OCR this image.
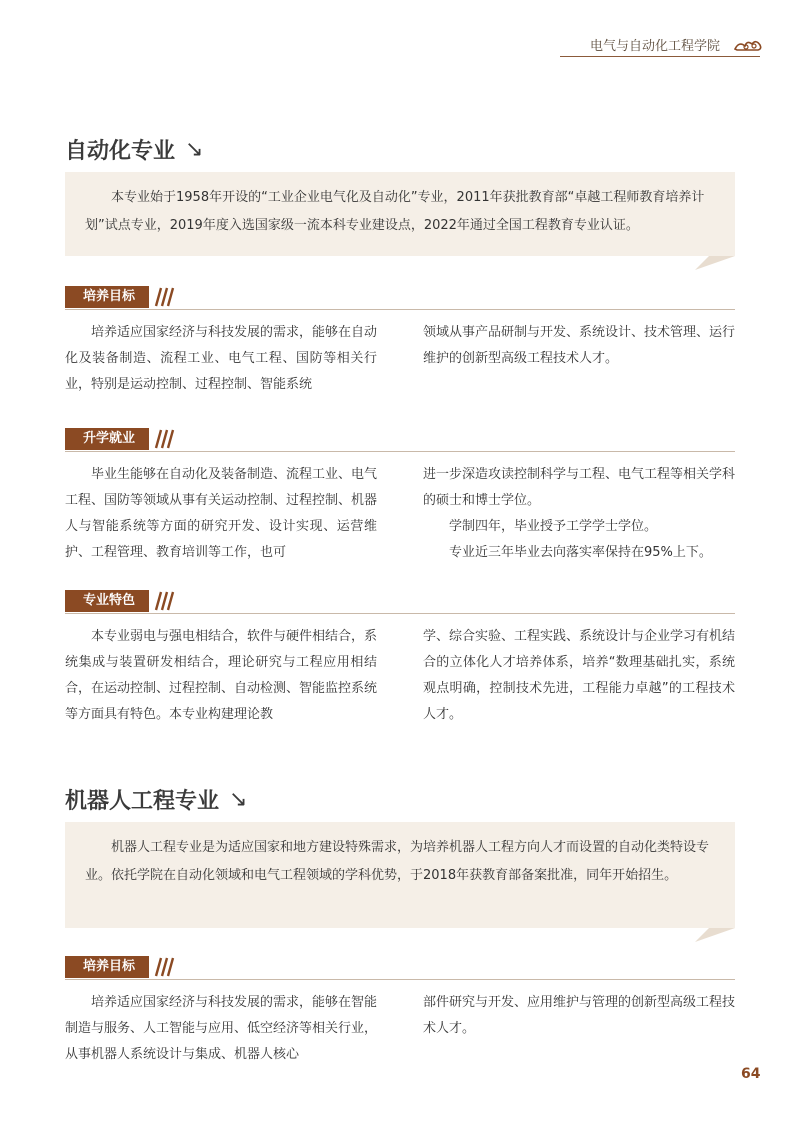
电气与自动化工程学院
自动化专业 ↘

本专业始于1958年开设的“工业企业电气化及自动化”专业，2011年获批教育部“卓越工程师教育培养计划”试点专业，2019年度入选国家级一流本科专业建设点，2022年通过全国工程教育专业认证。

培养目标

培养适应国家经济与科技发展的需求，能够在自动化及装备制造、流程工业、电气工程、国防等相关行业，特别是运动控制、过程控制、智能系统

领域从事产品研制与开发、系统设计、技术管理、运行维护的创新型高级工程技术人才。

升学就业

毕业生能够在自动化及装备制造、流程工业、电气工程、国防等领域从事有关运动控制、过程控制、机器人与智能系统等方面的研究开发、设计实现、运营维护、工程管理、教育培训等工作，也可

进一步深造攻读控制科学与工程、电气工程等相关学科的硕士和博士学位。

学制四年，毕业授予工学学士学位。

专业近三年毕业去向落实率保持在95%上下。

专业特色

本专业弱电与强电相结合，软件与硬件相结合，系统集成与装置研发相结合，理论研究与工程应用相结合，在运动控制、过程控制、自动检测、智能监控系统等方面具有特色。本专业构建理论教

学、综合实验、工程实践、系统设计与企业学习有机结合的立体化人才培养体系，培养“数理基础扎实，系统观点明确，控制技术先进，工程能力卓越”的工程技术人才。

机器人工程专业 ↘

机器人工程专业是为适应国家和地方建设特殊需求，为培养机器人工程方向人才而设置的自动化类特设专业。依托学院在自动化领域和电气工程领域的学科优势，于2018年获教育部备案批准，同年开始招生。

培养目标

培养适应国家经济与科技发展的需求，能够在智能制造与服务、人工智能与应用、低空经济等相关行业，从事机器人系统设计与集成、机器人核心

部件研究与开发、应用维护与管理的创新型高级工程技术人才。

64
